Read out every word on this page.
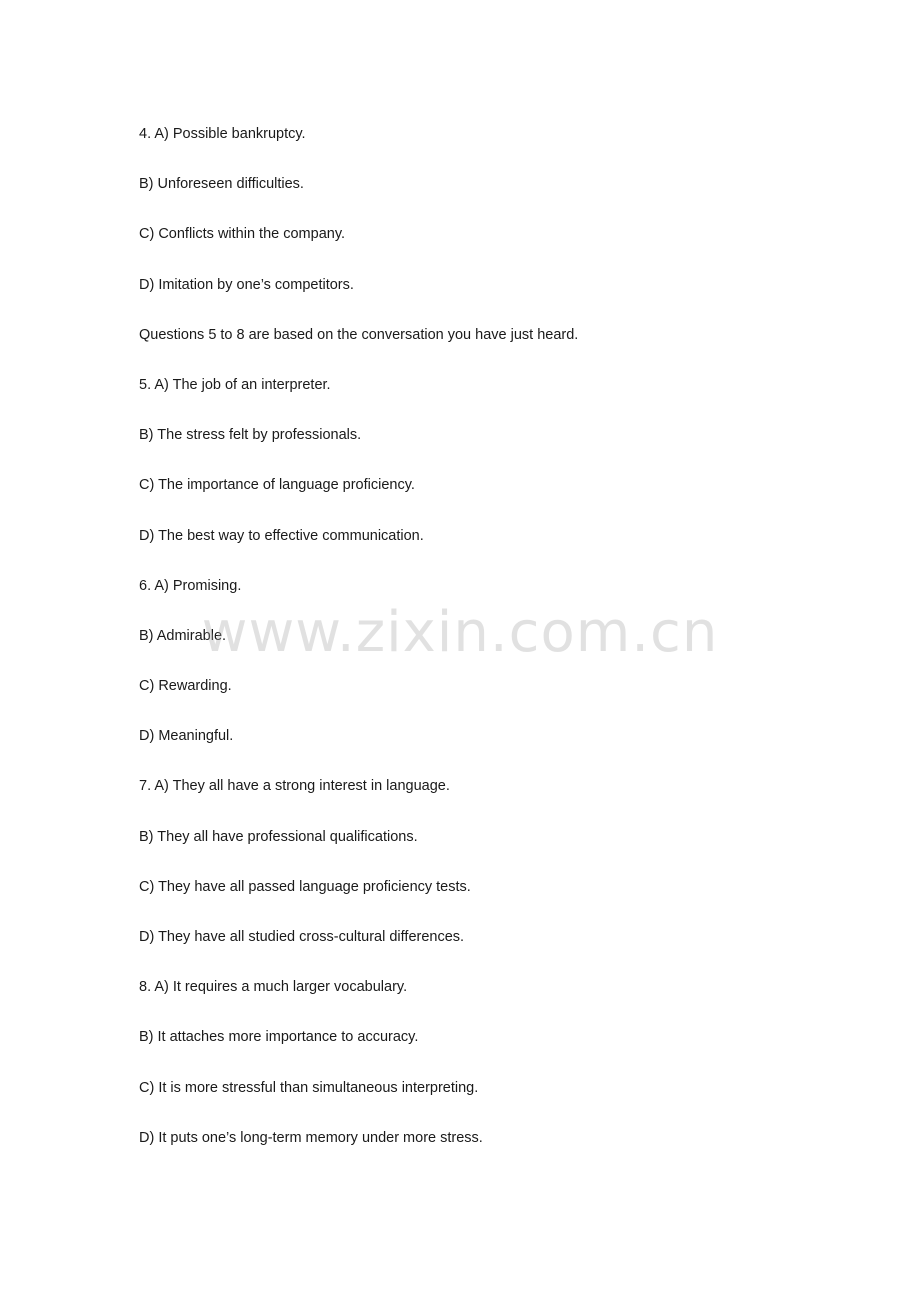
4. A) Possible bankruptcy.
B) Unforeseen difficulties.
C) Conflicts within the company.
D) Imitation by one’s competitors.
Questions 5 to 8 are based on the conversation you have just heard.
5. A) The job of an interpreter.
B) The stress felt by professionals.
C) The importance of language proficiency.
D) The best way to effective communication.
6. A) Promising.
B) Admirable.
C) Rewarding.
D) Meaningful.
7. A) They all have a strong interest in language.
B) They all have professional qualifications.
C) They have all passed language proficiency tests.
D) They have all studied cross-cultural differences.
8. A) It requires a much larger vocabulary.
B) It attaches more importance to accuracy.
C) It is more stressful than simultaneous interpreting.
D) It puts one’s long-term memory under more stress.
www.zixin.com.cn
